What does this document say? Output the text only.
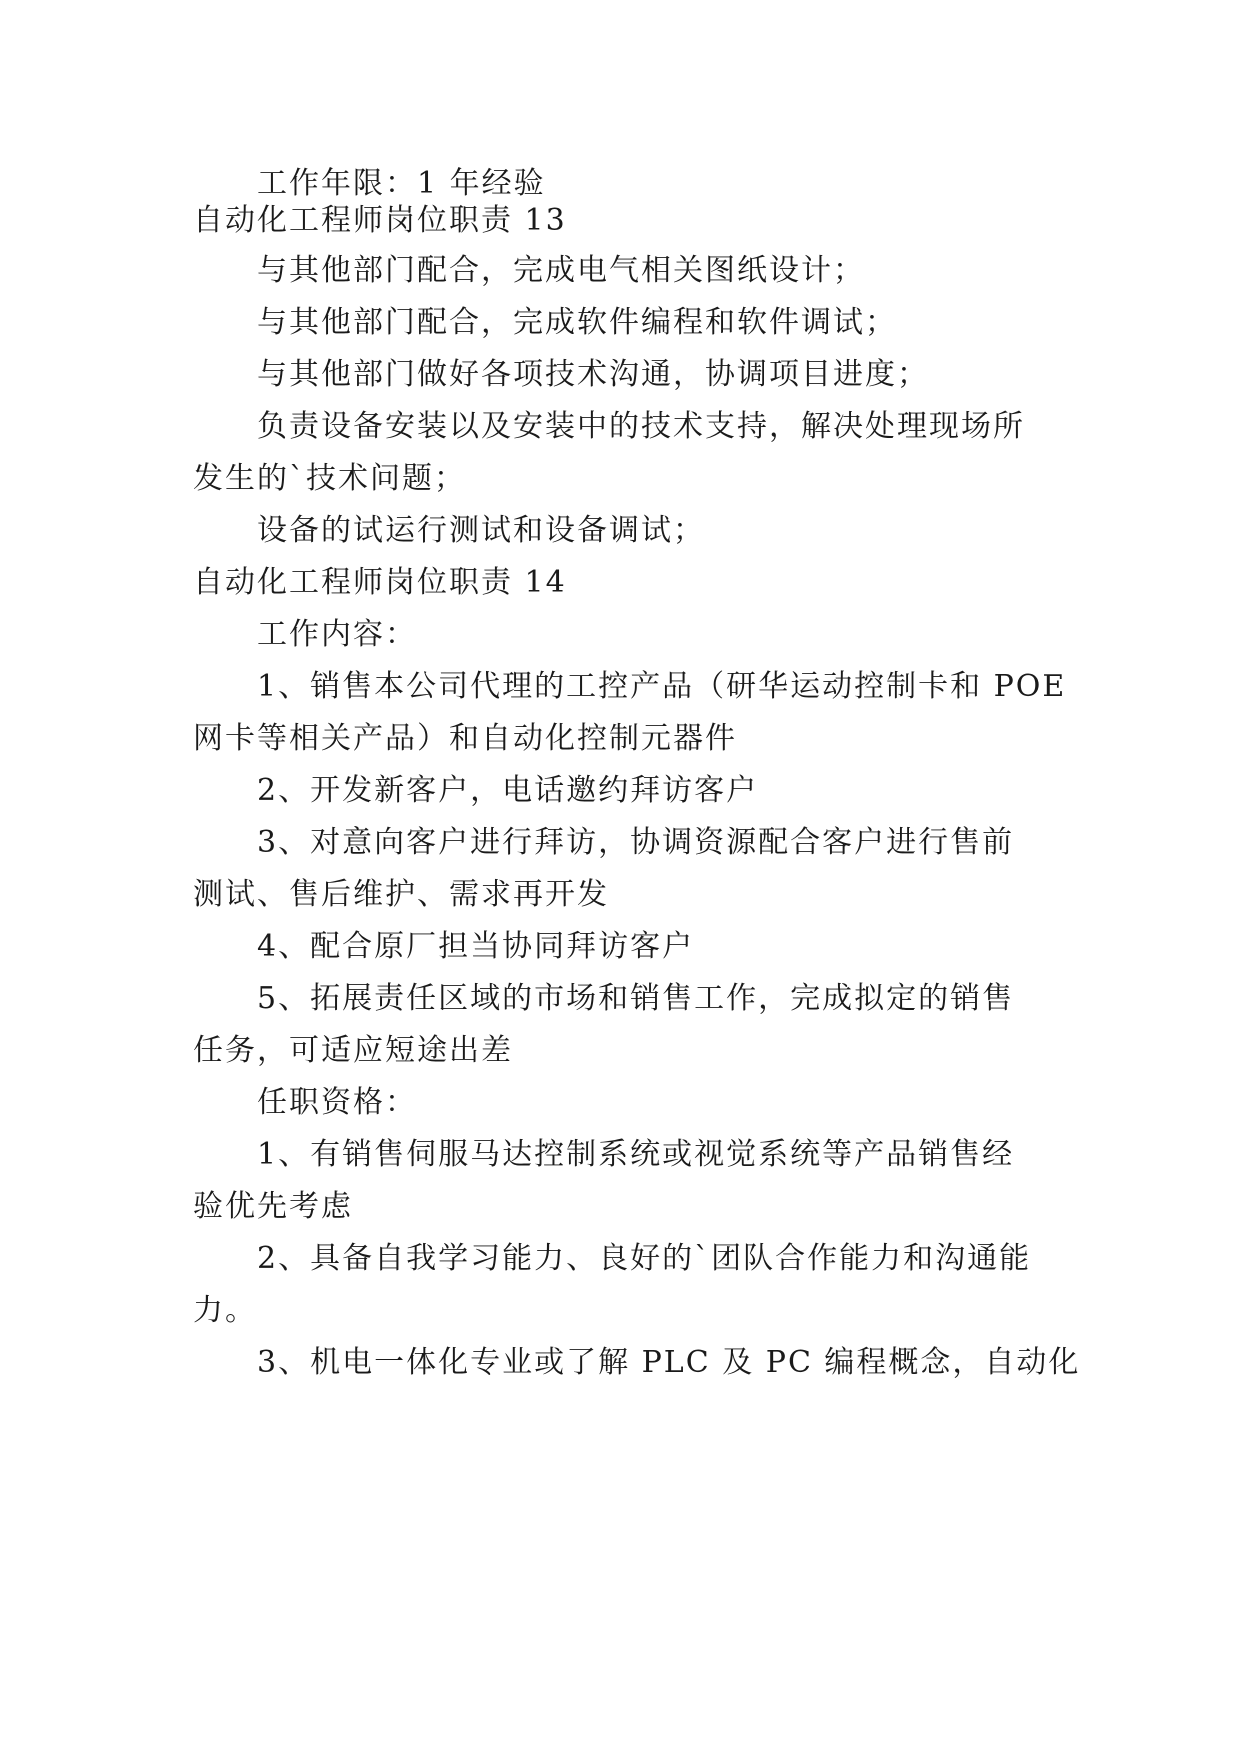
工作年限：1 年经验
自动化工程师岗位职责 13
与其他部门配合，完成电气相关图纸设计；
与其他部门配合，完成软件编程和软件调试；
与其他部门做好各项技术沟通，协调项目进度；
负责设备安装以及安装中的技术支持，解决处理现场所
发生的`技术问题；
设备的试运行测试和设备调试；
自动化工程师岗位职责 14
工作内容：
1、销售本公司代理的工控产品（研华运动控制卡和 POE
网卡等相关产品）和自动化控制元器件
2、开发新客户，电话邀约拜访客户
3、对意向客户进行拜访，协调资源配合客户进行售前
测试、售后维护、需求再开发
4、配合原厂担当协同拜访客户
5、拓展责任区域的市场和销售工作，完成拟定的销售
任务，可适应短途出差
任职资格：
1、有销售伺服马达控制系统或视觉系统等产品销售经
验优先考虑
2、具备自我学习能力、良好的`团队合作能力和沟通能
力。
3、机电一体化专业或了解 PLC 及 PC 编程概念，自动化
